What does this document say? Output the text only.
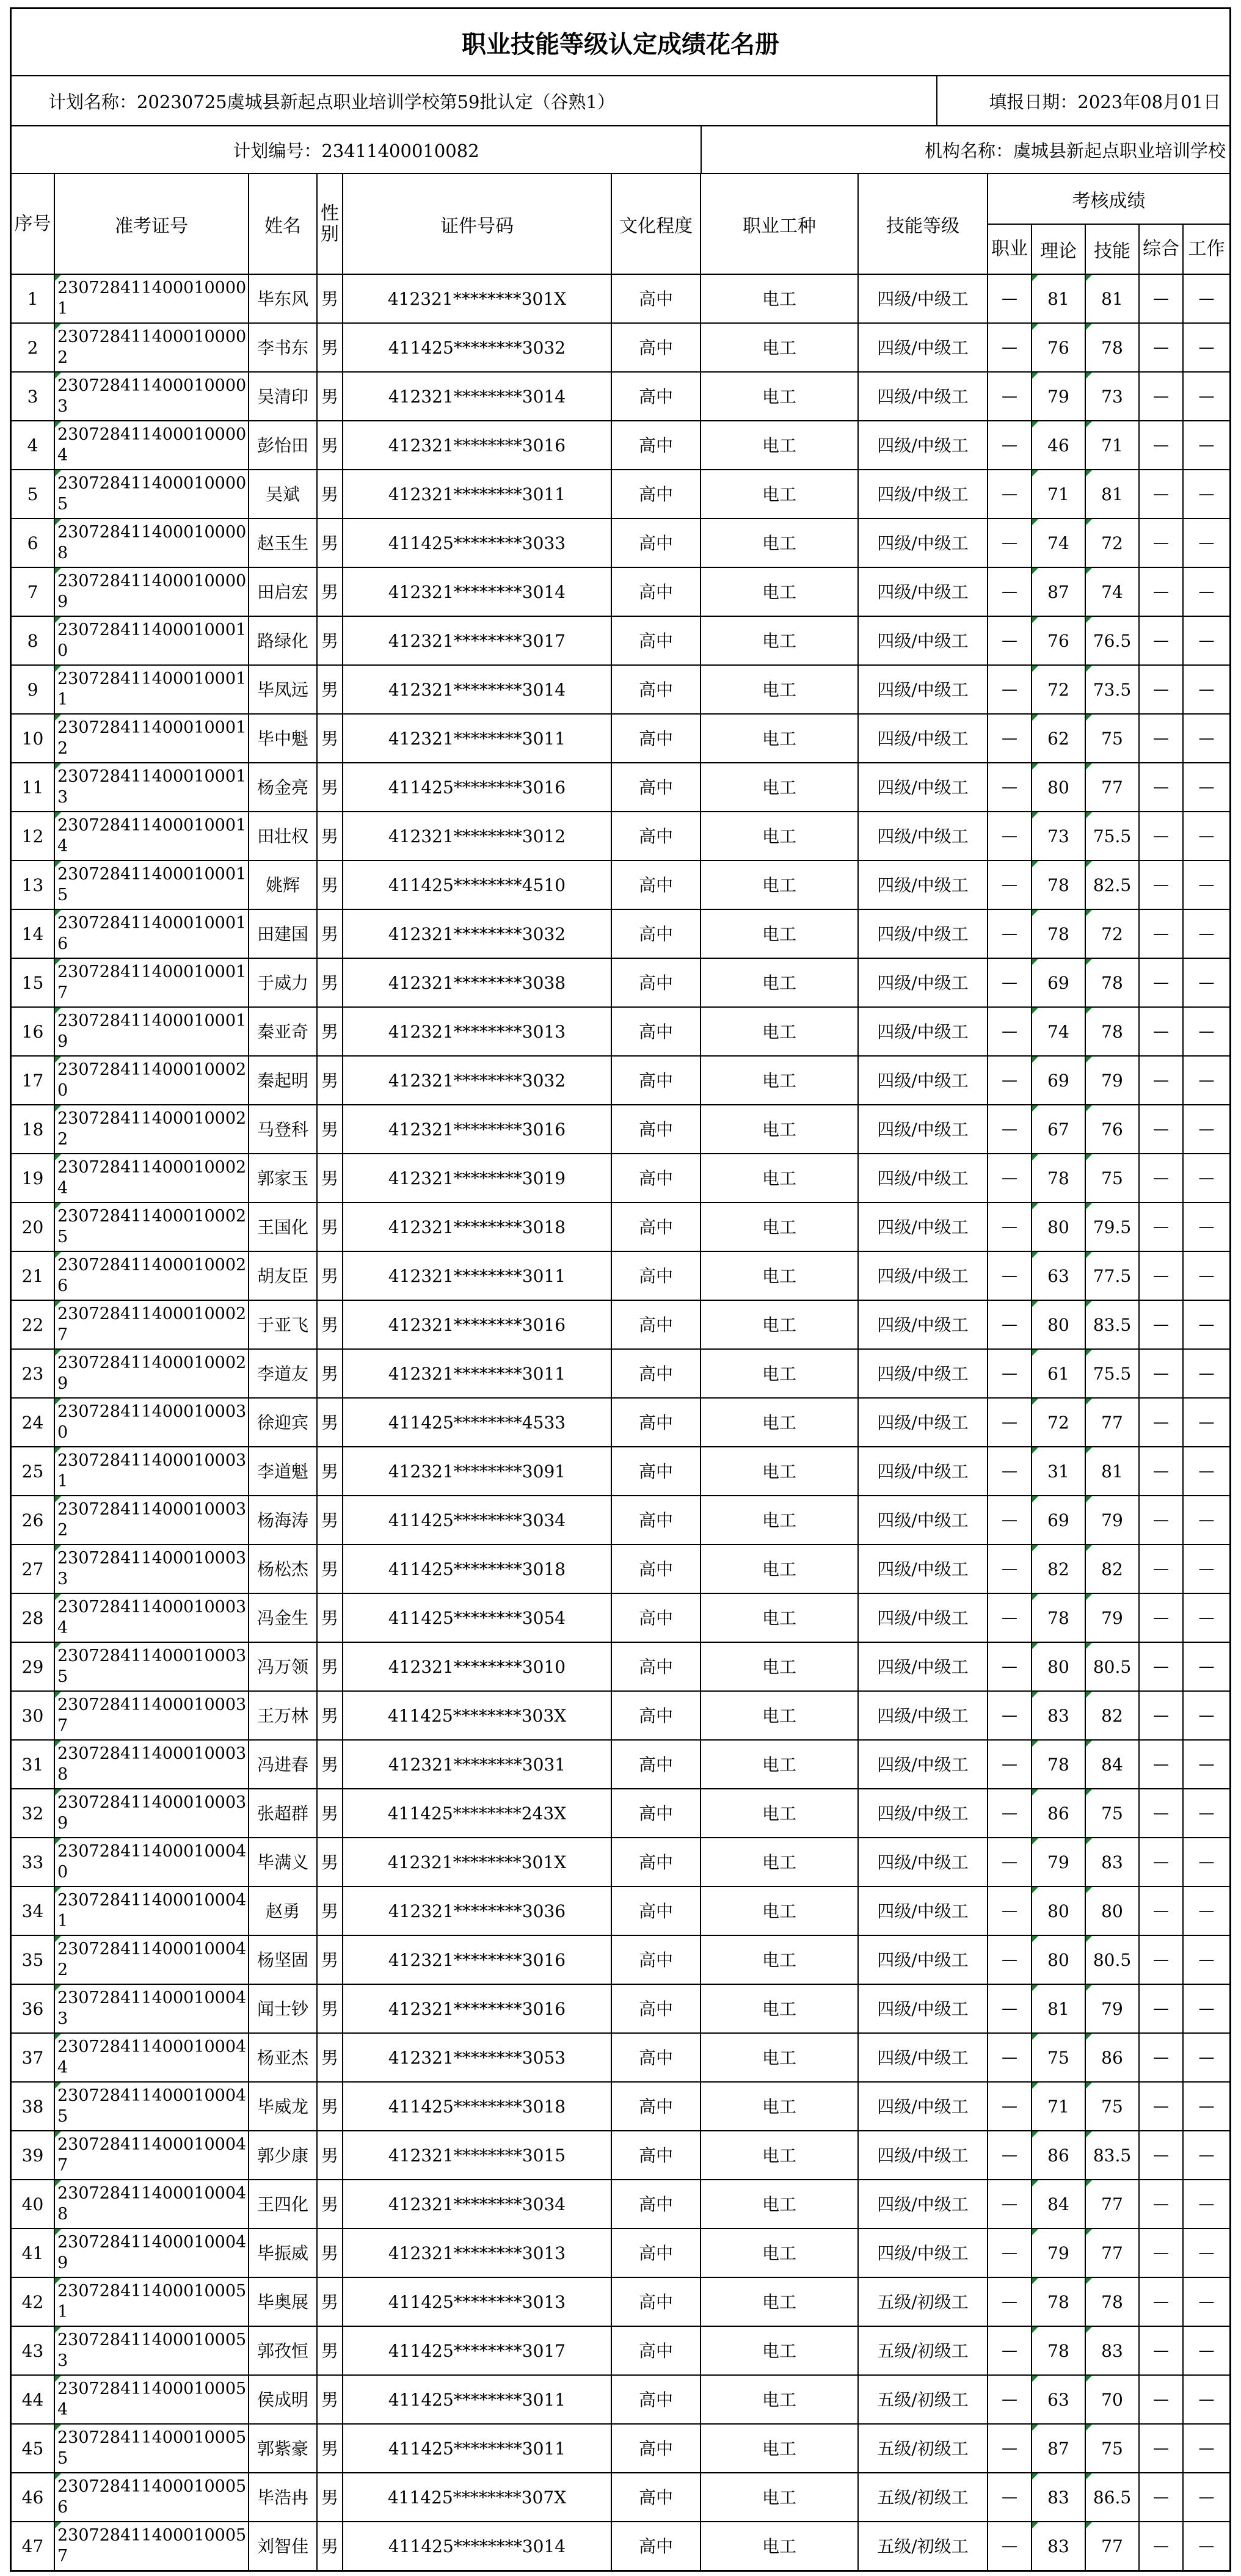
职业技能等级认定成绩花名册
计划名称：20230725虞城县新起点职业培训学校第59批认定（谷熟1）	填报日期：2023年08月01日
计划编号：23411400010082	机构名称：虞城县新起点职业培训学校
序号	准考证号	姓名	性别	证件号码	文化程度	职业工种	技能等级	考核成绩				
								职业	理论	技能	综合	工作
1	2307284114000100001	毕东风	男	412321********301X	高中	电工	四级/中级工	—	81	81	—	—
2	2307284114000100002	李书东	男	411425********3032	高中	电工	四级/中级工	—	76	78	—	—
3	2307284114000100003	吴清印	男	412321********3014	高中	电工	四级/中级工	—	79	73	—	—
4	2307284114000100004	彭怡田	男	412321********3016	高中	电工	四级/中级工	—	46	71	—	—
5	2307284114000100005	吴斌	男	412321********3011	高中	电工	四级/中级工	—	71	81	—	—
6	2307284114000100008	赵玉生	男	411425********3033	高中	电工	四级/中级工	—	74	72	—	—
7	2307284114000100009	田启宏	男	412321********3014	高中	电工	四级/中级工	—	87	74	—	—
8	2307284114000100010	路绿化	男	412321********3017	高中	电工	四级/中级工	—	76	76.5	—	—
9	2307284114000100011	毕凤远	男	412321********3014	高中	电工	四级/中级工	—	72	73.5	—	—
10	2307284114000100012	毕中魁	男	412321********3011	高中	电工	四级/中级工	—	62	75	—	—
11	2307284114000100013	杨金亮	男	411425********3016	高中	电工	四级/中级工	—	80	77	—	—
12	2307284114000100014	田壮权	男	412321********3012	高中	电工	四级/中级工	—	73	75.5	—	—
13	2307284114000100015	姚辉	男	411425********4510	高中	电工	四级/中级工	—	78	82.5	—	—
14	2307284114000100016	田建国	男	412321********3032	高中	电工	四级/中级工	—	78	72	—	—
15	2307284114000100017	于威力	男	412321********3038	高中	电工	四级/中级工	—	69	78	—	—
16	2307284114000100019	秦亚奇	男	412321********3013	高中	电工	四级/中级工	—	74	78	—	—
17	2307284114000100020	秦起明	男	412321********3032	高中	电工	四级/中级工	—	69	79	—	—
18	2307284114000100022	马登科	男	412321********3016	高中	电工	四级/中级工	—	67	76	—	—
19	2307284114000100024	郭家玉	男	412321********3019	高中	电工	四级/中级工	—	78	75	—	—
20	2307284114000100025	王国化	男	412321********3018	高中	电工	四级/中级工	—	80	79.5	—	—
21	2307284114000100026	胡友臣	男	412321********3011	高中	电工	四级/中级工	—	63	77.5	—	—
22	2307284114000100027	于亚飞	男	412321********3016	高中	电工	四级/中级工	—	80	83.5	—	—
23	2307284114000100029	李道友	男	412321********3011	高中	电工	四级/中级工	—	61	75.5	—	—
24	2307284114000100030	徐迎宾	男	411425********4533	高中	电工	四级/中级工	—	72	77	—	—
25	2307284114000100031	李道魁	男	412321********3091	高中	电工	四级/中级工	—	31	81	—	—
26	2307284114000100032	杨海涛	男	411425********3034	高中	电工	四级/中级工	—	69	79	—	—
27	2307284114000100033	杨松杰	男	411425********3018	高中	电工	四级/中级工	—	82	82	—	—
28	2307284114000100034	冯金生	男	411425********3054	高中	电工	四级/中级工	—	78	79	—	—
29	2307284114000100035	冯万领	男	412321********3010	高中	电工	四级/中级工	—	80	80.5	—	—
30	2307284114000100037	王万林	男	411425********303X	高中	电工	四级/中级工	—	83	82	—	—
31	2307284114000100038	冯进春	男	412321********3031	高中	电工	四级/中级工	—	78	84	—	—
32	2307284114000100039	张超群	男	411425********243X	高中	电工	四级/中级工	—	86	75	—	—
33	2307284114000100040	毕满义	男	412321********301X	高中	电工	四级/中级工	—	79	83	—	—
34	2307284114000100041	赵勇	男	412321********3036	高中	电工	四级/中级工	—	80	80	—	—
35	2307284114000100042	杨坚固	男	412321********3016	高中	电工	四级/中级工	—	80	80.5	—	—
36	2307284114000100043	闻士钞	男	412321********3016	高中	电工	四级/中级工	—	81	79	—	—
37	2307284114000100044	杨亚杰	男	412321********3053	高中	电工	四级/中级工	—	75	86	—	—
38	2307284114000100045	毕威龙	男	411425********3018	高中	电工	四级/中级工	—	71	75	—	—
39	2307284114000100047	郭少康	男	412321********3015	高中	电工	四级/中级工	—	86	83.5	—	—
40	2307284114000100048	王四化	男	412321********3034	高中	电工	四级/中级工	—	84	77	—	—
41	2307284114000100049	毕振威	男	412321********3013	高中	电工	四级/中级工	—	79	77	—	—
42	2307284114000100051	毕奥展	男	411425********3013	高中	电工	五级/初级工	—	78	78	—	—
43	2307284114000100053	郭孜恒	男	411425********3017	高中	电工	五级/初级工	—	78	83	—	—
44	2307284114000100054	侯成明	男	411425********3011	高中	电工	五级/初级工	—	63	70	—	—
45	2307284114000100055	郭紫豪	男	411425********3011	高中	电工	五级/初级工	—	87	75	—	—
46	2307284114000100056	毕浩冉	男	411425********307X	高中	电工	五级/初级工	—	83	86.5	—	—
47	2307284114000100057	刘智佳	男	411425********3014	高中	电工	五级/初级工	—	83	77	—	—
